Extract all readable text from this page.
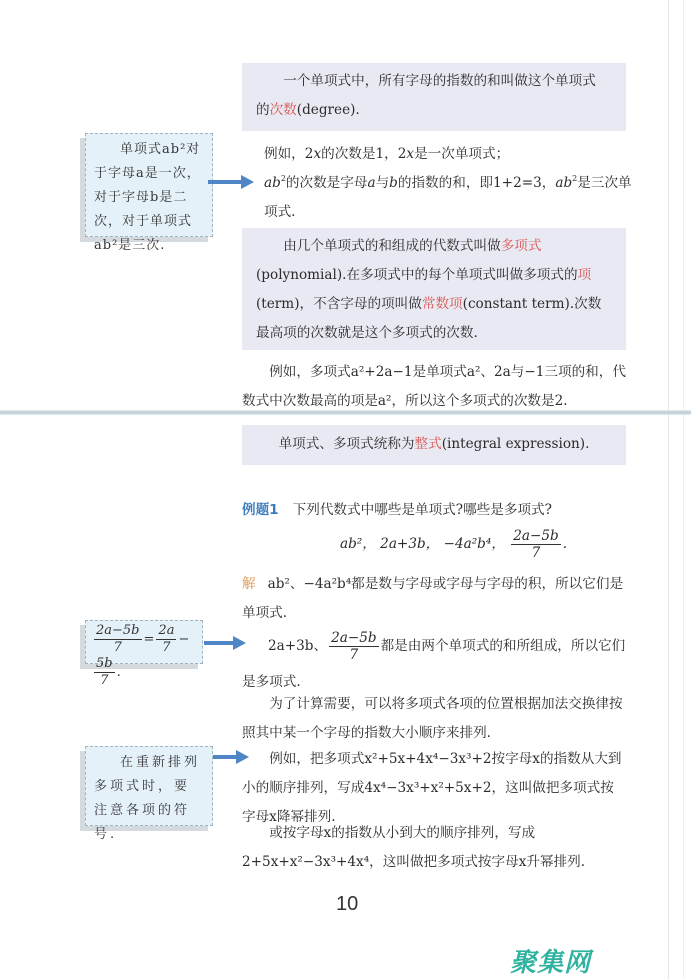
一个单项式中，所有字母的指数的和叫做这个单项式
的次数(degree).
单项式ab²对于字母a是一次，对于字母b是二次，对于单项式ab²是三次.
例如，2x的次数是1，2x是一次单项式；
$ab^2$的次数是字母a与b的指数的和，即1+2=3，$ab^2$是三次单项式.
由几个单项式的和组成的代数式叫做多项式(polynomial).在多项式中的每个单项式叫做多项式的项(term)，不含字母的项叫做常数项(constant term).次数最高项的次数就是这个多项式的次数.
例如，多项式a²+2a−1是单项式a²、2a与−1三项的和，代数式中次数最高的项是a²，所以这个多项式的次数是2.
单项式、多项式统称为整式(integral expression).
例题1 下列代数式中哪些是单项式?哪些是多项式?
ab²， 2a+3b， −4a²b⁴， $\frac{2a-5b}{7}$ .
解 ab²、−4a²b⁴都是数与字母或字母与字母的积，所以它们是单项式.
$\frac{2a-5b}{7} = \frac{2a}{7}$ −
$\frac{5b}{7}$ .
2a+3b、 $\frac{2a-5b}{7}$ 都是由两个单项式的和所组成，所以它们是多项式.
为了计算需要，可以将多项式各项的位置根据加法交换律按照其中某一个字母的指数大小顺序来排列.
在重新排列多项式时，要注意各项的符号.
例如，把多项式x²+5x+4x⁴−3x³+2按字母x的指数从大到小的顺序排列，写成4x⁴−3x³+x²+5x+2，这叫做把多项式按字母x降幂排列.
或按字母x的指数从小到大的顺序排列，写成2+5x+x²−3x³+4x⁴，这叫做把多项式按字母x升幂排列.
10
聚集网
